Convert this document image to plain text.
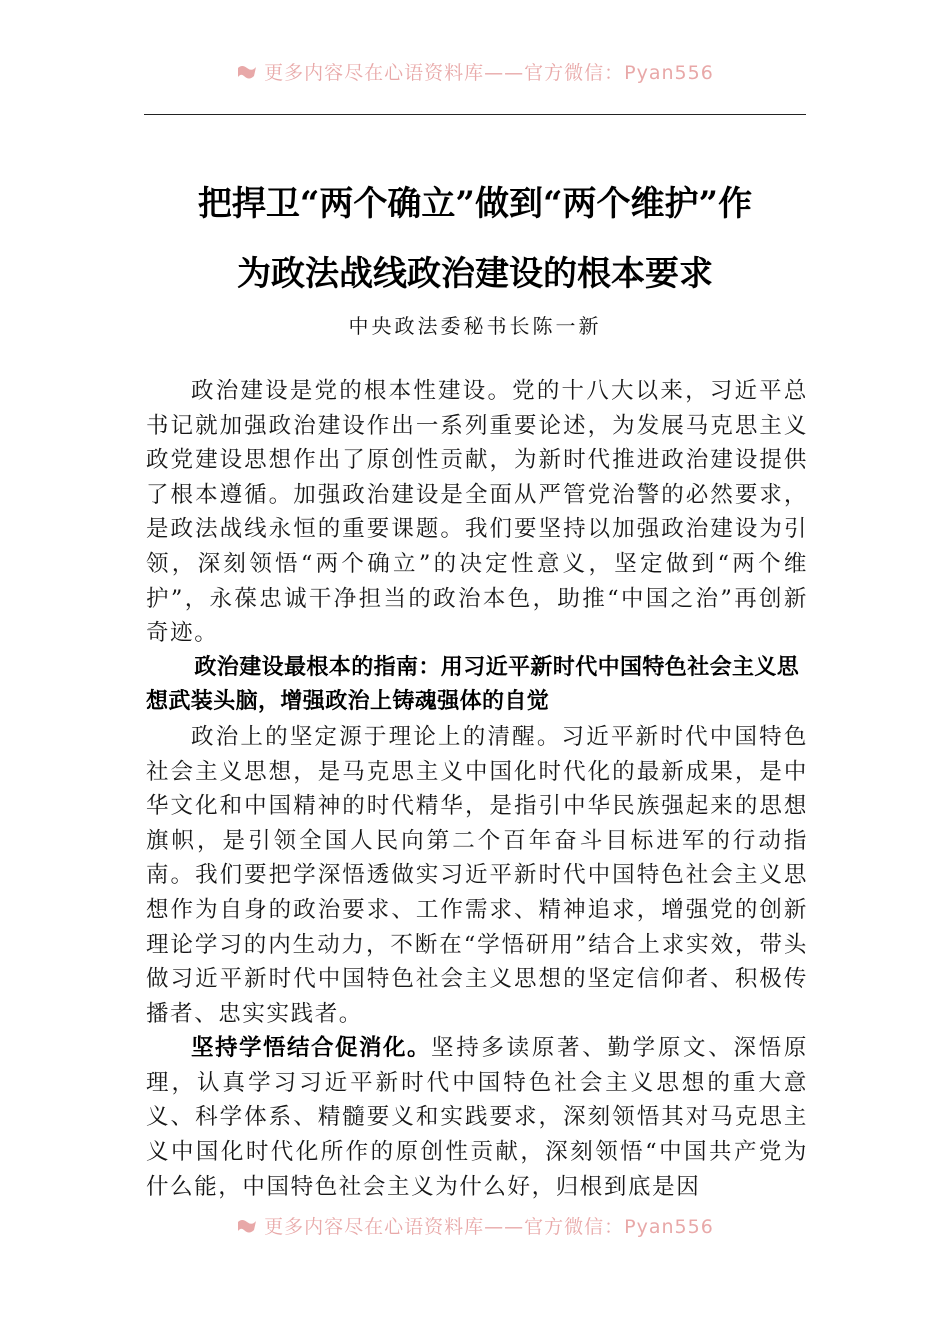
更多内容尽在心语资料库——官方微信：Pyan556
把捍卫“两个确立”做到“两个维护”作
为政法战线政治建设的根本要求
中央政法委秘书长陈一新

政治建设是党的根本性建设。党的十八大以来，习近平总书记就加强政治建设作出一系列重要论述，为发展马克思主义政党建设思想作出了原创性贡献，为新时代推进政治建设提供了根本遵循。加强政治建设是全面从严管党治警的必然要求，是政法战线永恒的重要课题。我们要坚持以加强政治建设为引领，深刻领悟“两个确立”的决定性意义，坚定做到“两个维护”，永葆忠诚干净担当的政治本色，助推“中国之治”再创新奇迹。

政治建设最根本的指南：用习近平新时代中国特色社会主义思想武装头脑，增强政治上铸魂强体的自觉

政治上的坚定源于理论上的清醒。习近平新时代中国特色社会主义思想，是马克思主义中国化时代化的最新成果，是中华文化和中国精神的时代精华，是指引中华民族强起来的思想旗帜，是引领全国人民向第二个百年奋斗目标进军的行动指南。我们要把学深悟透做实习近平新时代中国特色社会主义思想作为自身的政治要求、工作需求、精神追求，增强党的创新理论学习的内生动力，不断在“学悟研用”结合上求实效，带头做习近平新时代中国特色社会主义思想的坚定信仰者、积极传播者、忠实实践者。

坚持学悟结合促消化。坚持多读原著、勤学原文、深悟原理，认真学习习近平新时代中国特色社会主义思想的重大意义、科学体系、精髓要义和实践要求，深刻领悟其对马克思主义中国化时代化所作的原创性贡献，深刻领悟“中国共产党为什么能，中国特色社会主义为什么好，归根到底是因

更多内容尽在心语资料库——官方微信：Pyan556
